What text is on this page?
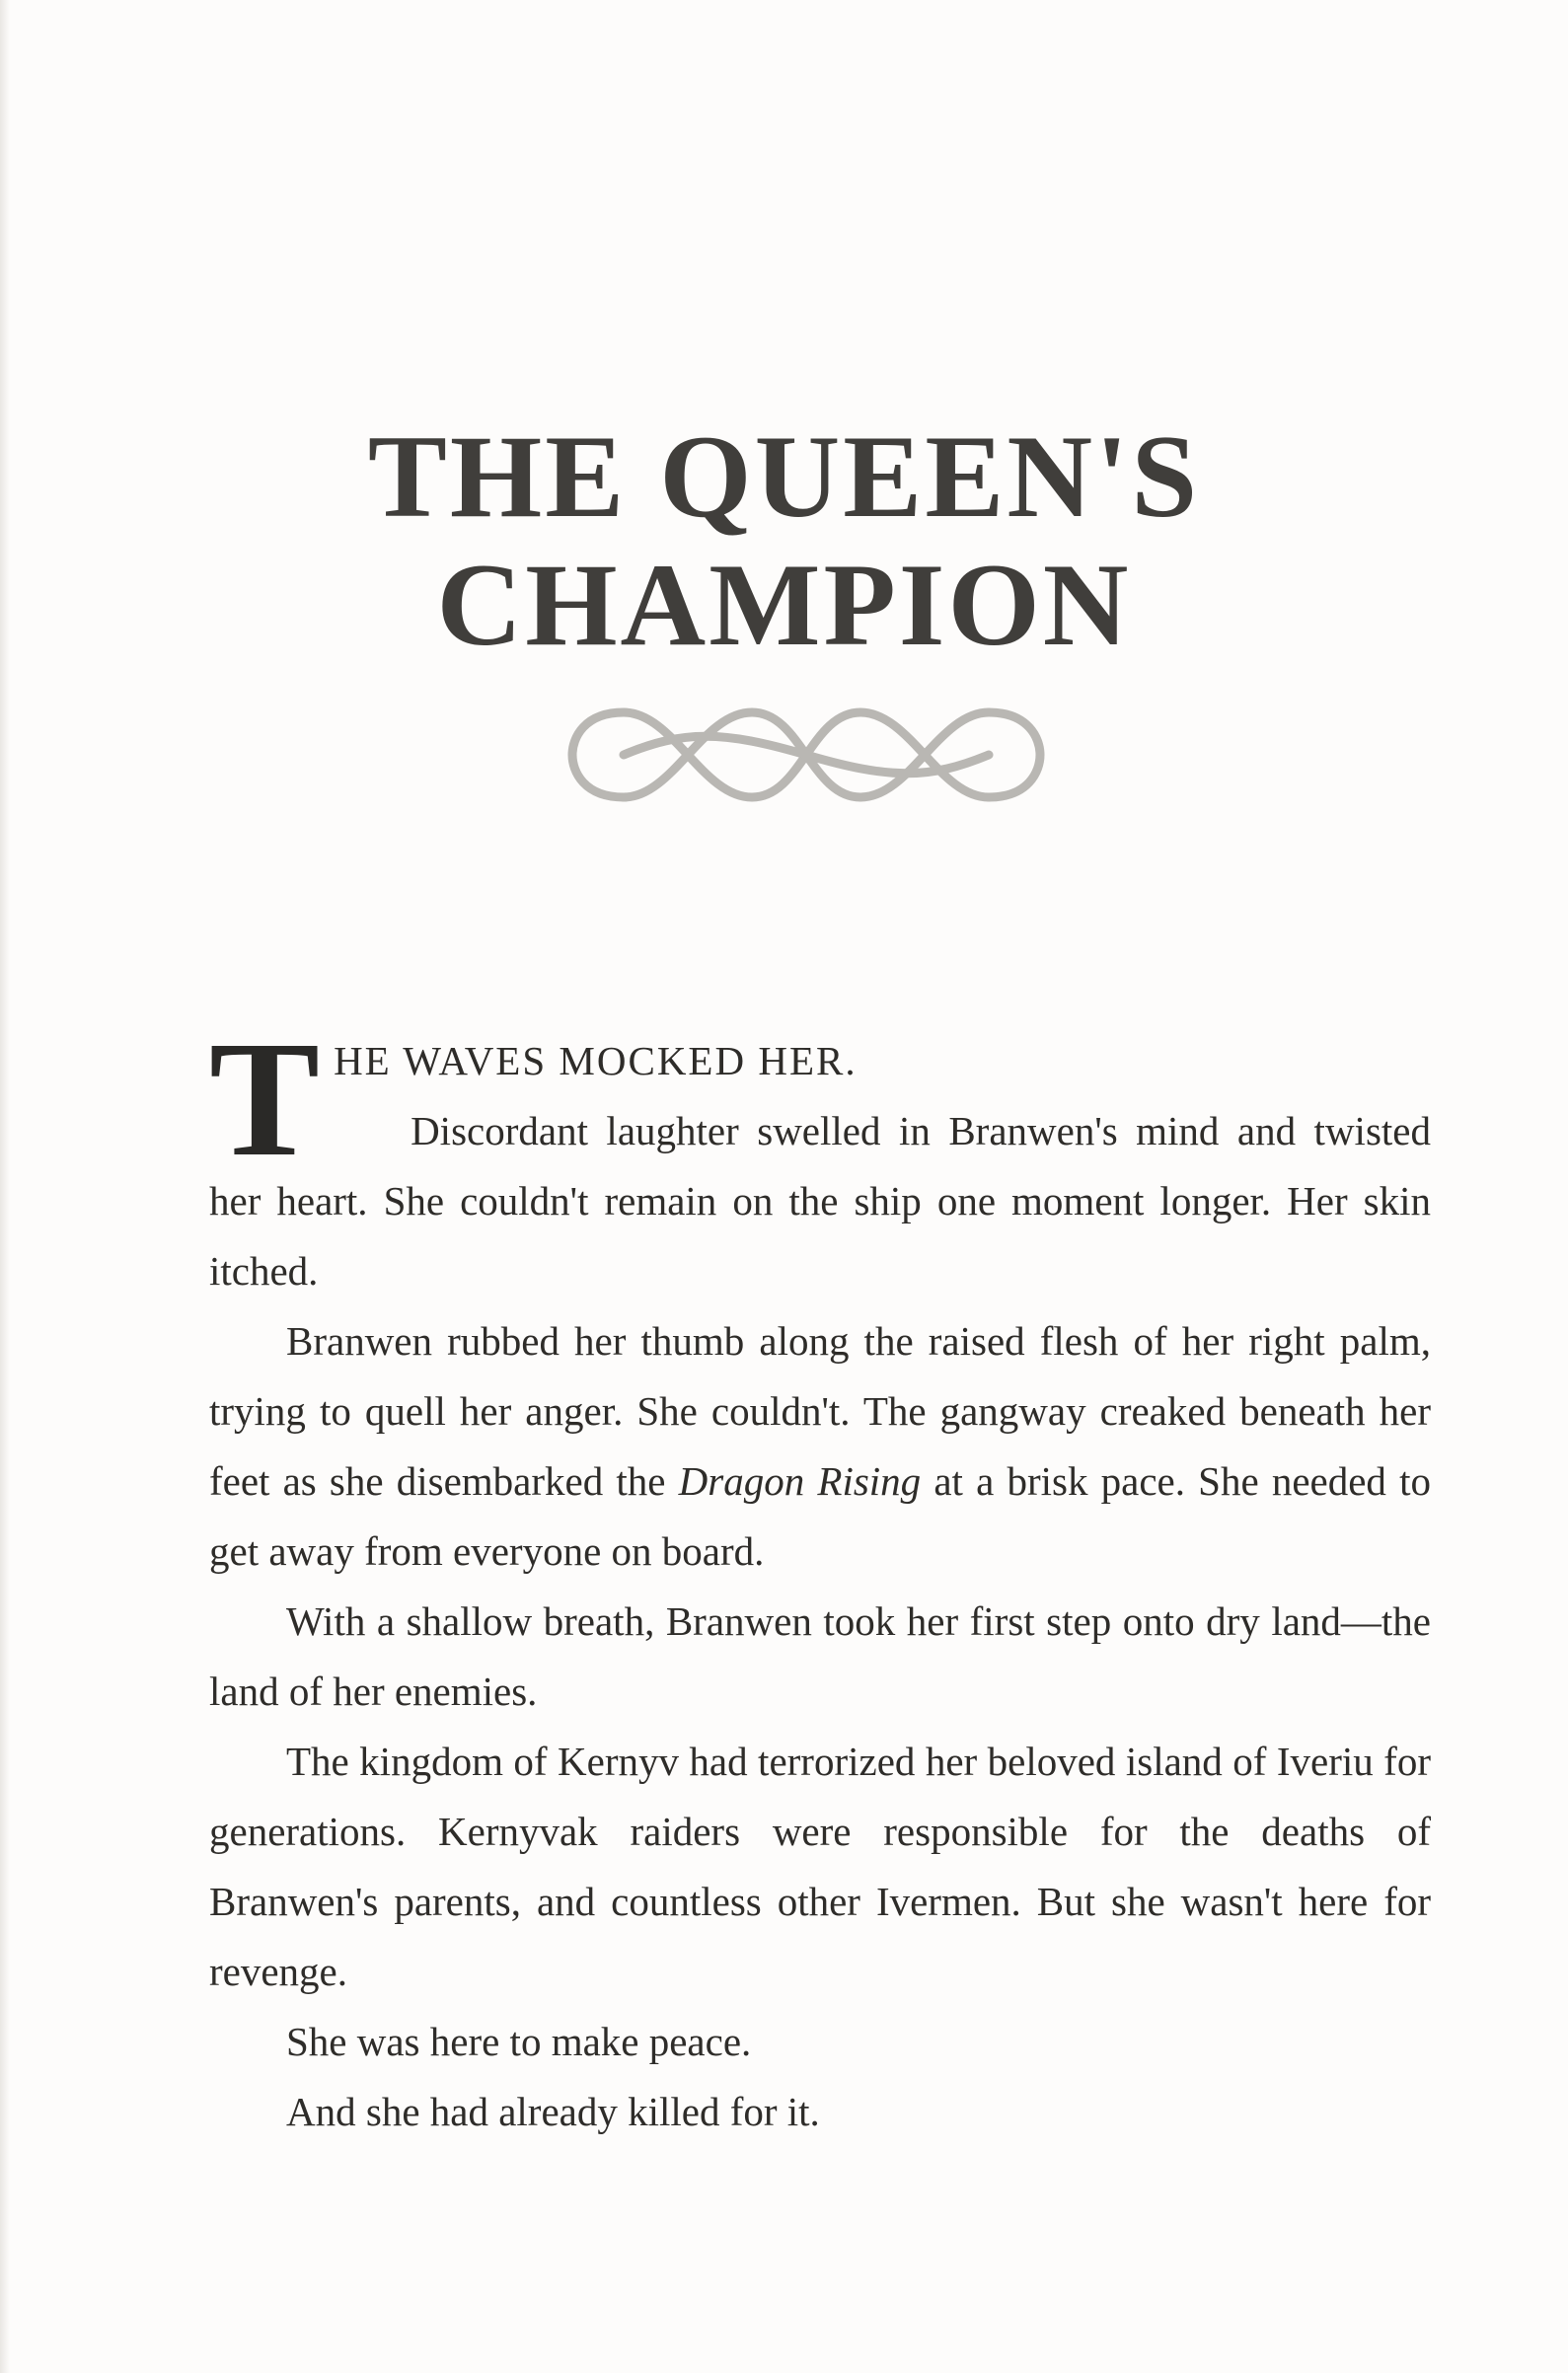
THE QUEEN'S
CHAMPION

THE WAVES MOCKED HER.

Discordant laughter swelled in Branwen's mind and twisted her heart. She couldn't remain on the ship one moment longer. Her skin itched.

Branwen rubbed her thumb along the raised flesh of her right palm, trying to quell her anger. She couldn't. The gangway creaked beneath her feet as she disembarked the Dragon Rising at a brisk pace. She needed to get away from everyone on board.

With a shallow breath, Branwen took her first step onto dry land—the land of her enemies.

The kingdom of Kernyv had terrorized her beloved island of Iveriu for generations. Kernyvak raiders were responsible for the deaths of Branwen's parents, and countless other Ivermen. But she wasn't here for revenge.

She was here to make peace.

And she had already killed for it.
